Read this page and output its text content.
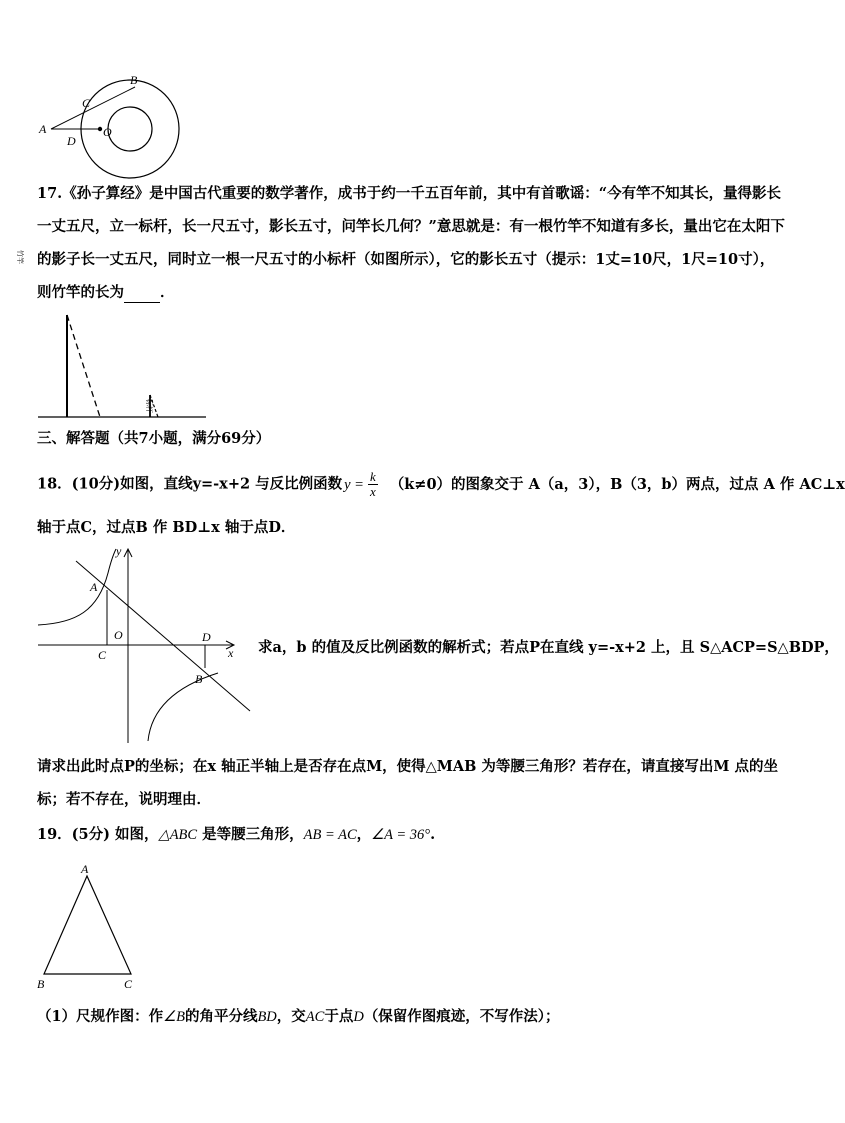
A
B
C
D
O
17.《孙子算经》是中国古代重要的数学著作，成书于约一千五百年前，其中有首歌谣：“今有竿不知其长，量得影长
一丈五尺，立一标杆，长一尺五寸，影长五寸，问竿长几何？”意思就是：有一根竹竿不知道有多长，量出它在太阳下
的影子长一丈五尺，同时立一根一尺五寸的小标杆（如图所示），它的影长五寸（提示：1丈=10尺，1尺=10寸），
则竹竿的长为 ．
竹竿
标杆
三、解答题（共7小题，满分69分）
18．(10分)如图，直线y=-x+2 与反比例函数 $y = \frac{k}{x} (k\ne 0)$的图象交于 A（a，3），B（3，b）两点，过点 A 作 AC⊥x
轴于点C，过点B 作 BD⊥x 轴于点D．
y
x
A
O	D
C
B
求a，b 的值及反比例函数的解析式；若点P在直线 y=-x+2 上，且 S△ACP=S△BDP，
请求出此时点P的坐标；在x 轴正半轴上是否存在点M，使得△MAB 为等腰三角形？若存在，请直接写出M 点的坐
标；若不存在，说明理由．
19．(5分) 如图，△ABC 是等腰三角形，AB = AC，∠A = 36°.
A
B	C
（1）尺规作图：作∠B的角平分线BD，交AC于点D（保留作图痕迹，不写作法）；
